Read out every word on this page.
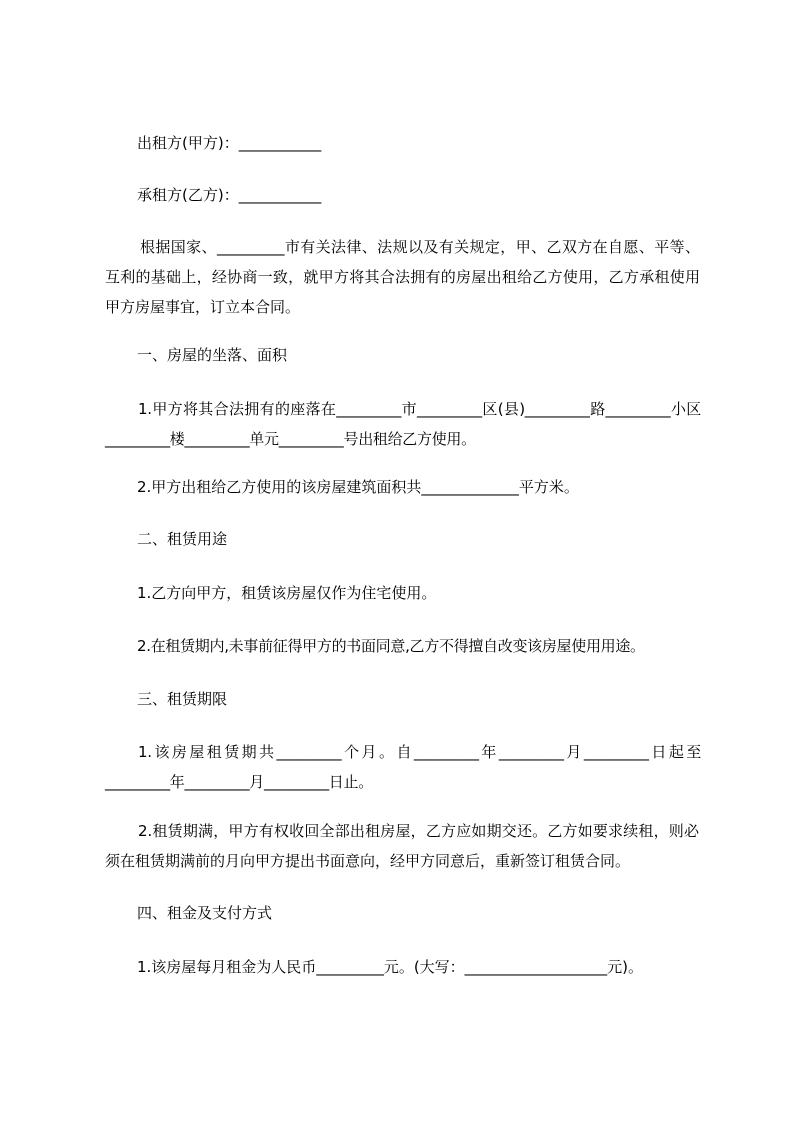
出租方(甲方)：___________
承租方(乙方)：___________
根据国家、_________市有关法律、法规以及有关规定，甲、乙双方在自愿、平等、互利的基础上，经协商一致，就甲方将其合法拥有的房屋出租给乙方使用，乙方承租使用甲方房屋事宜，订立本合同。
一、房屋的坐落、面积
1.甲方将其合法拥有的座落在_________市_________区(县)_________路_________小区_________楼_________单元_________号出租给乙方使用。
2.甲方出租给乙方使用的该房屋建筑面积共_____________平方米。
二、租赁用途
1.乙方向甲方，租赁该房屋仅作为住宅使用。
2.在租赁期内,未事前征得甲方的书面同意,乙方不得擅自改变该房屋使用用途。
三、租赁期限
1.该房屋租赁期共_________个月。自_________年_________月_________日起至_________年_________月_________日止。
2.租赁期满，甲方有权收回全部出租房屋，乙方应如期交还。乙方如要求续租，则必须在租赁期满前的月向甲方提出书面意向，经甲方同意后，重新签订租赁合同。
四、租金及支付方式
1.该房屋每月租金为人民币_________元。(大写：___________________元)。
